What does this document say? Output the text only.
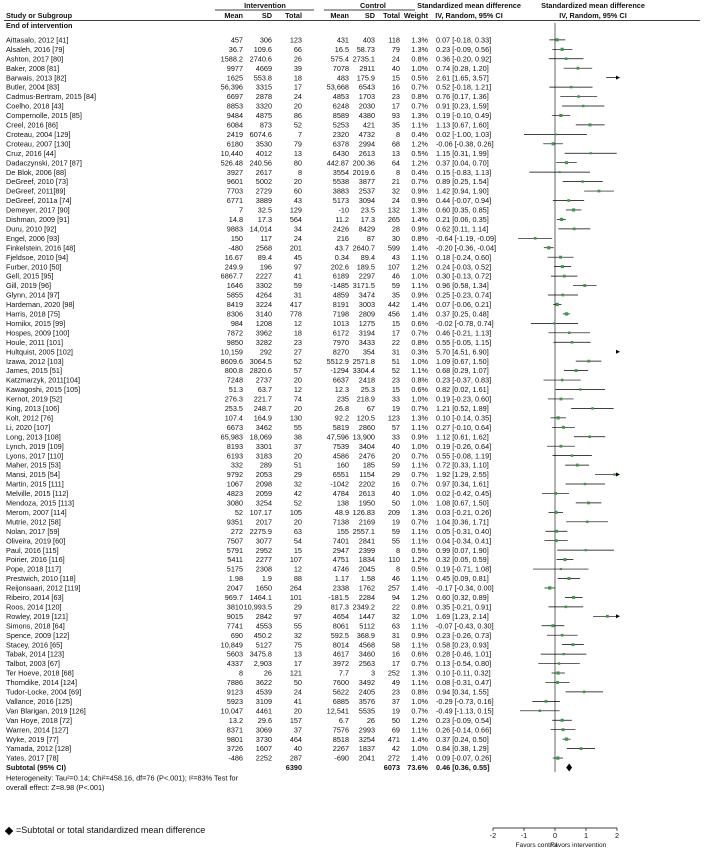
Intervention	Control	Standardized mean difference	Standardized mean difference
Study or Subgroup	Mean	SD Total	Mean SD Total Weight IV, Random, 95% CI	IV, Random, 95% CI
End of intervention
Aittasalo, 2012 [41]	457 306 123	431 403 118 1.3% 0.07 [-0.18, 0.33]
Alsaleh, 2016 [79]	36.7 109.6	66	16.5 58.73 79 1.3% 0.23 [-0.09, 0.56]
Ashton, 2017 [80]	1588.2 2740.6	26	575.4 2735.1 24 0.8% 0.36 [-0.20, 0.92]
Baker, 2008 [81]	9977 4669	39	7078 2911 40 1.0% 0.74 [0.28, 1.20]
Barwais, 2013 [82]	1625 553.8	18	483 175.9 15 0.5% 2.61 [1.65, 3.57]
Butler, 2004 [83]	56,396 3315	17	53,668 6543 16 0.7% 0.52 [-0.18, 1.21]
Cadmus-Bertram, 2015 [84]	6697 2878	24	4853 1703 23 0.8% 0.76 [0.17, 1.36]
Coelho, 2018 [43]	8853 3320	20	6248 2030 17 0.7% 0.91 [0.23, 1.59]
Compernolle, 2015 [85]	9484 4875	86	8589 4380 93 1.3% 0.19 [-0.10, 0.49]
Creel, 2016 [86]	6084 873	52	5253 421 35 1.1% 1.13 [0.67, 1.60]
Croteau, 2004 [129]	2419 6074.6	7	2320 4732	8 0.4% 0.02 [-1.00, 1.03]
Croteau, 2007 [130]	6180 3530	79	6378 2994 68 1.2% -0.06 [-0.38, 0.26]
Cruz, 2016 [44]	10,440 4012	13	6430 2613 13 0.5% 1.15 [0.31, 1.99]
Dadaczynski, 2017 [87]	526.48 240.56	80	442.87 200.36 64 1.2% 0.37 [0.04, 0.70]
De Blok, 2006 [88]	3927 2617	8	3554 2019.6	8 0.4% 0.15 [-0.83, 1.13]
DeGreef, 2010 [73]	9601 5002	20	5538 3877 21 0.7% 0.89 [0.25, 1.54]
DeGreef, 2011[89]	7703 2729	60	3883 2537 32 0.9% 1.42 [0.94, 1.90]
DeGreef, 2011a [74]	6771 3889	43	5173 3094 24 0.9% 0.44 [-0.07, 0.94]
Demeyer, 2017 [90]	7 32.5 129	-10 23.5 132 1.3% 0.60 [0.35, 0.85]
Dishman, 2009 [91]	14.8 17.3 564	11.2 17.3 265 1.4% 0.21 [0.06, 0.35]
Duru, 2010 [92]	9883 14,014	34	2426 8429 28 0.9% 0.62 [0.11, 1.14]
Engel, 2006 [93]	150 117	24	216 87 30 0.8% -0.64 [-1.19, -0.09]
Finkelstein, 2016 [48]	-480 2568 201	43.7 2640.7 599 1.4% -0.20 [-0.36, -0.04]
Fjeldsoe, 2010 [94]	16.67 89.4	45	0.34 89.4 43 1.1% 0.18 [-0.24, 0.60]
Furber, 2010 [50]	249.9 196	97	202.6 189.5 107 1.2% 0.24 [-0.03, 0.52]
Gell, 2015 [95]	6867.7 2227	41	6189 2297 46 1.0% 0.30 [-0.13, 0.72]
Gill, 2019 [96]	1646 3302	59	-1485 3171.5 59 1.1% 0.96 [0.58, 1.34]
Glynn, 2014 [97]	5855 4264	31	4859 3474 35 0.9% 0.25 [-0.23, 0.74]
Hardeman, 2020 [98]	8419 3224 417	8191 3003 442 1.4% 0.07 [-0.06, 0.21]
Harris, 2018 [75]	8306 3140 778	7198 2809 456 1.4% 0.37 [0.25, 0.48]
Hornikx, 2015 [99]	984 1208	12	1013 1275 15 0.6% -0.02 [-0.78, 0.74]
Hospes, 2009 [100]	7872 3962	18	6172 3194 17 0.7% 0.46 [-0.21, 1.13]
Houle, 2011 [101]	9850 3282	23	7970 3433 22 0.8% 0.55 [-0.05, 1.15]
Hultquist, 2005 [102]	10,159 292	27	8270 354 31 0.3% 5.70 [4.51, 6.90]
Izawa, 2012 [103]	8609.6 3064.5	52	5512.9 2571.8 51 1.0% 1.09 [0.67, 1.50]
James, 2015 [51]	800.8 2820.6	57	-1294 3304.4 52 1.1% 0.68 [0.29, 1.07]
Katzmarzyk, 2011[104]	7248 2737	20	6637 2418 23 0.8% 0.23 [-0.37, 0.83]
Kawagoshi, 2015 [105]	51.3 63.7	12	12.3 25.3 15 0.6% 0.82 [0.02, 1.61]
Kernot, 2019 [52]	276.3 221.7	74	235 218.9 33 1.0% 0.19 [-0.23, 0.60]
King, 2013 [106]	253.5 248.7	20	26.8 67 19 0.7% 1.21 [0.52, 1.89]
Kolt, 2012 [76]	107.4 164.9 130	92.2 120.5 123 1.3% 0.10 [-0.14, 0.35]
Li, 2020 [107]	6673 3462	55	5819 2860 57 1.1% 0.27 [-0.10, 0.64]
Long, 2013 [108]	65,983 18,069	38	47,596 13,900 33 0.9% 1.12 [0.61, 1.62]
Lynch, 2019 [109]	8193 3301	37	7539 3404 40 1.0% 0.19 [-0.26, 0.64]
Lyons, 2017 [110]	6193 3183	20	4586 2476 20 0.7% 0.55 [-0.08, 1.19]
Maher, 2015 [53]	332 289	51	160 185 59 1.1% 0.72 [0.33, 1.10]
Mansi, 2015 [54]	9792 2053	29	6551 1154 29 0.7% 1.92 [1.29, 2.55]
Martin, 2015 [111]	1067 2098	32	-1042 2202 16 0.7% 0.97 [0.34, 1.61]
Melville, 2015 [112]	4823 2059	42	4784 2613 40 1.0% 0.02 [-0.42, 0.45]
Mendoza, 2015 [113]	3080 3254	52	138 1950 50 1.0% 1.08 [0.67, 1.50]
Merom, 2007 [114]	52 107.17 105	48.9 126.83 209 1.3% 0.03 [-0.21, 0.26]
Mutrie, 2012 [58]	9351 2017	20	7138 2169 19 0.7% 1.04 [0.36, 1.71]
Nolan, 2017 [59]	272 2275.9	63	155 2557.1 59 1.1% 0.05 [-0.31, 0.40]
Oliveira, 2019 [60]	7507 3077	54	7401 2841 55 1.1% 0.04 [-0.34, 0.41]
Paul, 2016 [115]	5791 2952	15	2947 2399	8 0.5% 0.99 [0.07, 1.90]
Poirier, 2016 [116]	5411 2277 107	4751 1834 110 1.2% 0.32 [0.05, 0.59]
Pope, 2018 [117]	5175 2308	12	4746 2045	8 0.5% 0.19 [-0.71, 1.08]
Prestwich, 2010 [118]	1.98	1.9	88	1.17 1.58 46 1.1% 0.45 [0.09, 0.81]
Reijonsaari, 2012 [119]	2047 1650 264	2338 1762 257 1.4% -0.17 [-0.34, 0.00]
Ribeiro, 2014 [63]	969.7 1464.1 101	-181.5 2284 94 1.2% 0.60 [0.32, 0.89]
Roos, 2014 [120]	3810 10,993.5	29	817.3 2349.2 22 0.8% 0.35 [-0.21, 0.91]
Rowley, 2019 [121]	9015 2842	97	4654 1447 32 1.0% 1.69 [1.23, 2.14]
Simons, 2018 [64]	7741 4553	55	8061 5112 63 1.1% -0.07 [-0.43, 0.30]
Spence, 2009 [122]	690 450.2	32	592.5 368.9 31 0.9% 0.23 [-0.26, 0.73]
Stacey, 2016 [65]	10,849 5127	75	8014 4568 58 1.1% 0.58 [0.23, 0.93]
Tabak, 2014 [123]	5603 3475.8	13	4617 3460 16 0.6% 0.28 [-0.46, 1.01]
Talbot, 2003 [67]	4337 2,903	17	3972 2563 17 0.7% 0.13 [-0.54, 0.80]
Ter Hoeve, 2018 [68]	8	26 121	7.7	3 252 1.3% 0.10 [-0.11, 0.32]
Thorndike, 2014 [124]	7886 3622	50	7600 3492 49 1.1% 0.08 [-0.31, 0.47]
Tudor-Locke, 2004 [69]	9123 4539	24	5622 2405 23 0.8% 0.94 [0.34, 1.55]
Vallance, 2016 [125]	5923 3109	41	6885 3576 37 1.0% -0.29 [-0.73, 0.16]
Van Blarigan, 2019 [126]	10,047 4461	20	12,541 5535 19 0.7% -0.49 [-1.13, 0.15]
Van Hoye, 2018 [72]	13.2 29.6 157	6.7 26 50 1.2% 0.23 [-0.09, 0.54]
Warren, 2014 [127]	8371 3069	37	7576 2993 69 1.1% 0.26 [-0.14, 0.66]
Wyke, 2019 [77]	9801 3730 464	8518 3254 471 1.4% 0.37 [0.24, 0.50]
Yamada, 2012 [128]	3726 1607	40	2267 1837 42 1.0% 0.84 [0.38, 1.29]
Yates, 2017 [78]	-486 2252 287	-690 2041 272 1.4% 0.09 [-0.07, 0.26]
Subtotal (95% CI)	6390	6073 73.6% 0.46 [0.36, 0.55]
Heterogeneity: Tau²=0.14; Chi²=458.16, df=76 (P<.001); I²=83% Test for
overall effect: Z=8.98 (P<.001)
-2	-1	0	1	2
Favors control
Favors intervention
=Subtotal or total standardized mean difference
